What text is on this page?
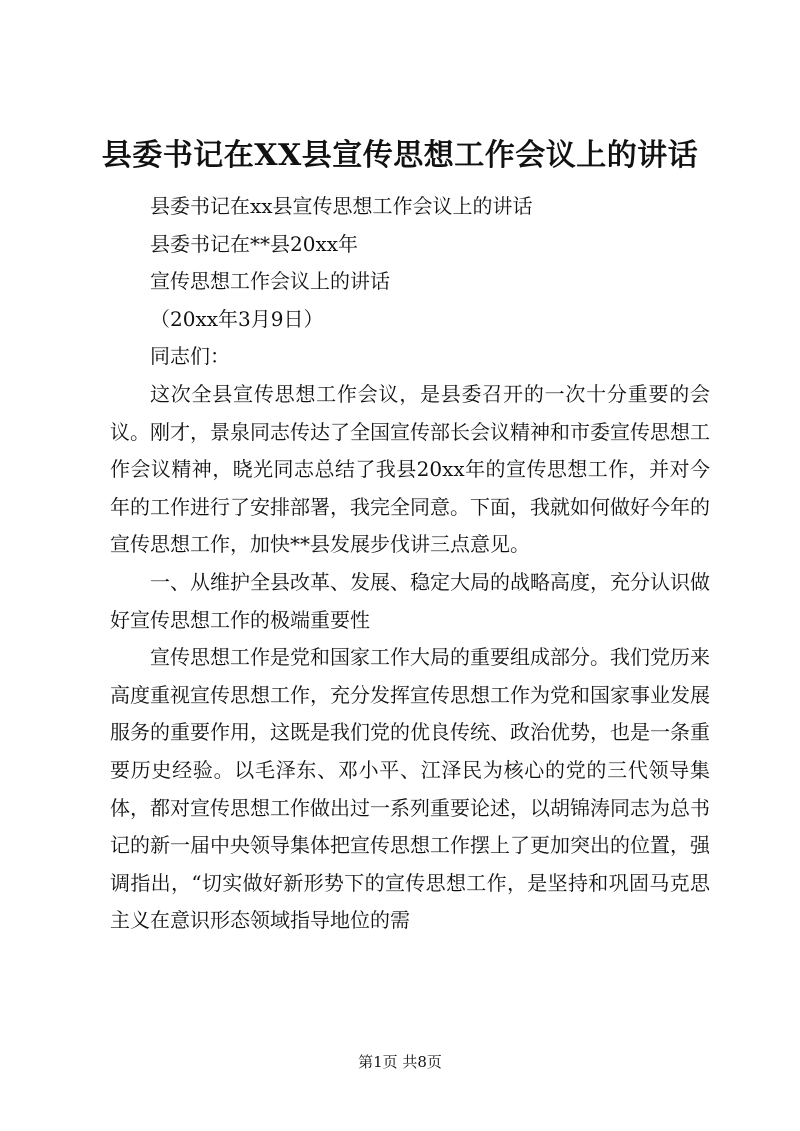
县委书记在XX县宣传思想工作会议上的讲话

县委书记在xx县宣传思想工作会议上的讲话

县委书记在**县20xx年

宣传思想工作会议上的讲话

（20xx年3月9日）

同志们：

这次全县宣传思想工作会议，是县委召开的一次十分重要的会议。刚才，景泉同志传达了全国宣传部长会议精神和市委宣传思想工作会议精神，晓光同志总结了我县20xx年的宣传思想工作，并对今年的工作进行了安排部署，我完全同意。下面，我就如何做好今年的宣传思想工作，加快**县发展步伐讲三点意见。

一、从维护全县改革、发展、稳定大局的战略高度，充分认识做好宣传思想工作的极端重要性

宣传思想工作是党和国家工作大局的重要组成部分。我们党历来高度重视宣传思想工作，充分发挥宣传思想工作为党和国家事业发展服务的重要作用，这既是我们党的优良传统、政治优势，也是一条重要历史经验。以毛泽东、邓小平、江泽民为核心的党的三代领导集体，都对宣传思想工作做出过一系列重要论述，以胡锦涛同志为总书记的新一届中央领导集体把宣传思想工作摆上了更加突出的位置，强调指出，“切实做好新形势下的宣传思想工作，是坚持和巩固马克思主义在意识形态领域指导地位的需

第1页 共8页
